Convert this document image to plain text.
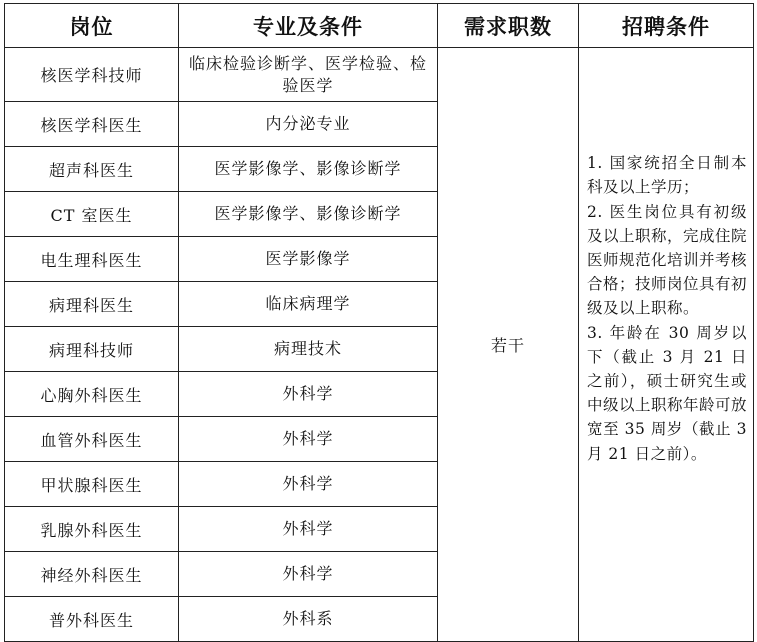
岗位	专业及条件	需求职数	招聘条件
核医学科技师	临床检验诊断学、医学检验、检验医学	若干	1. 国家统招全日制本科及以上学历；
2. 医生岗位具有初级及以上职称，完成住院医师规范化培训并考核合格；技师岗位具有初级及以上职称。
3. 年龄在 30 周岁以下（截止 3 月 21 日之前），硕士研究生或中级以上职称年龄可放宽至 35 周岁（截止 3 月 21 日之前）。

核医学科医生	内分泌专业		
超声科医生	医学影像学、影像诊断学		
CT 室医生	医学影像学、影像诊断学		
电生理科医生	医学影像学		
病理科医生	临床病理学		
病理科技师	病理技术		
心胸外科医生	外科学		
血管外科医生	外科学		
甲状腺科医生	外科学		
乳腺外科医生	外科学		
神经外科医生	外科学		
普外科医生	外科系		
